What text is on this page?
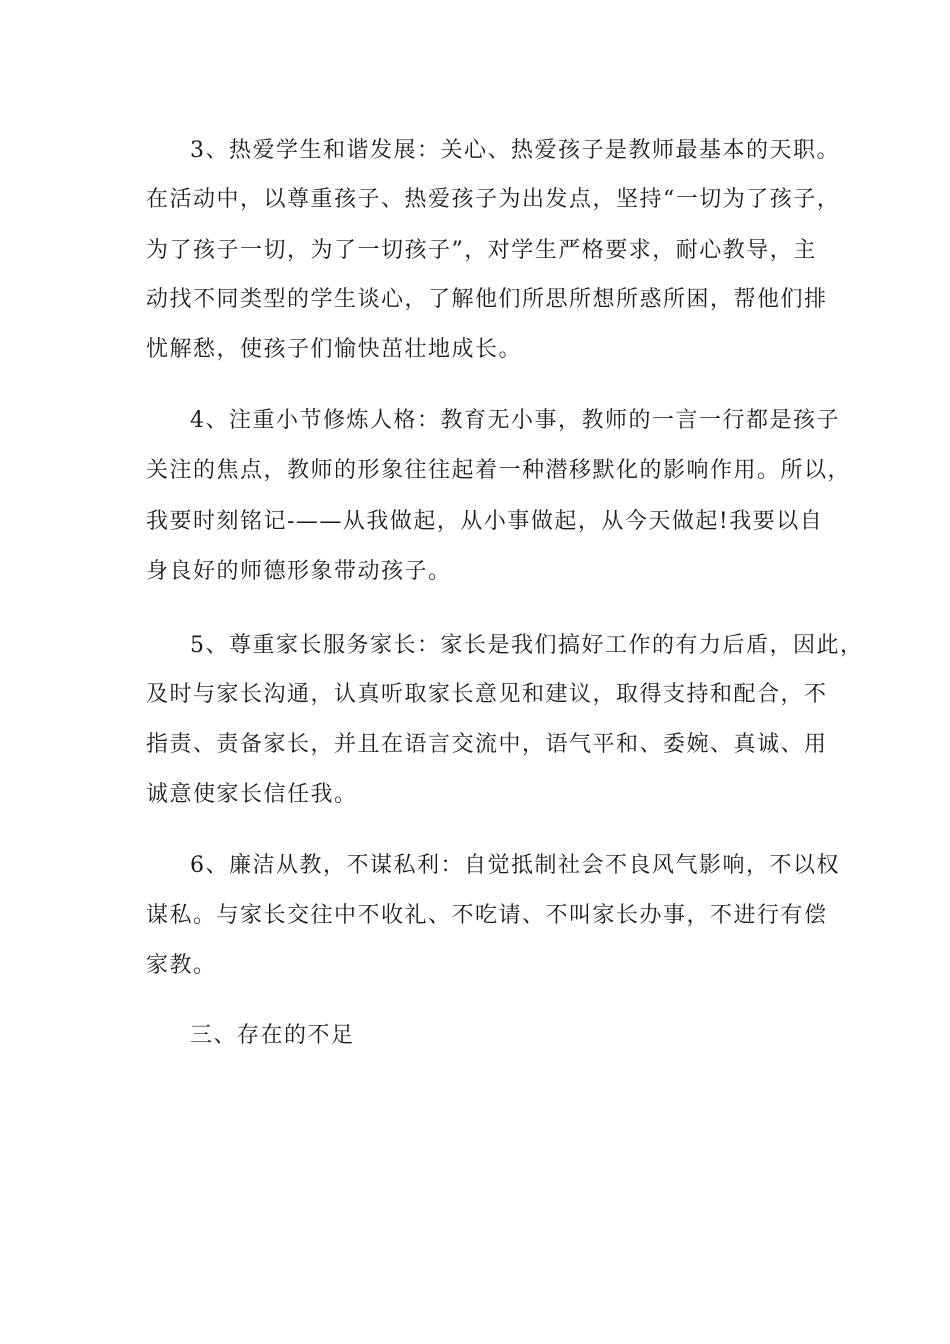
3、热爱学生和谐发展：关心、热爱孩子是教师最基本的天职。
在活动中，以尊重孩子、热爱孩子为出发点，坚持“一切为了孩子，
为了孩子一切，为了一切孩子”，对学生严格要求，耐心教导，主
动找不同类型的学生谈心，了解他们所思所想所惑所困，帮他们排
忧解愁，使孩子们愉快茁壮地成长。
4、注重小节修炼人格：教育无小事，教师的一言一行都是孩子
关注的焦点，教师的形象往往起着一种潜移默化的影响作用。所以，
我要时刻铭记-——从我做起，从小事做起，从今天做起!我要以自
身良好的师德形象带动孩子。
5、尊重家长服务家长：家长是我们搞好工作的有力后盾，因此，
及时与家长沟通，认真听取家长意见和建议，取得支持和配合，不
指责、责备家长，并且在语言交流中，语气平和、委婉、真诚、用
诚意使家长信任我。
6、廉洁从教，不谋私利：自觉抵制社会不良风气影响，不以权
谋私。与家长交往中不收礼、不吃请、不叫家长办事，不进行有偿
家教。
三、存在的不足
